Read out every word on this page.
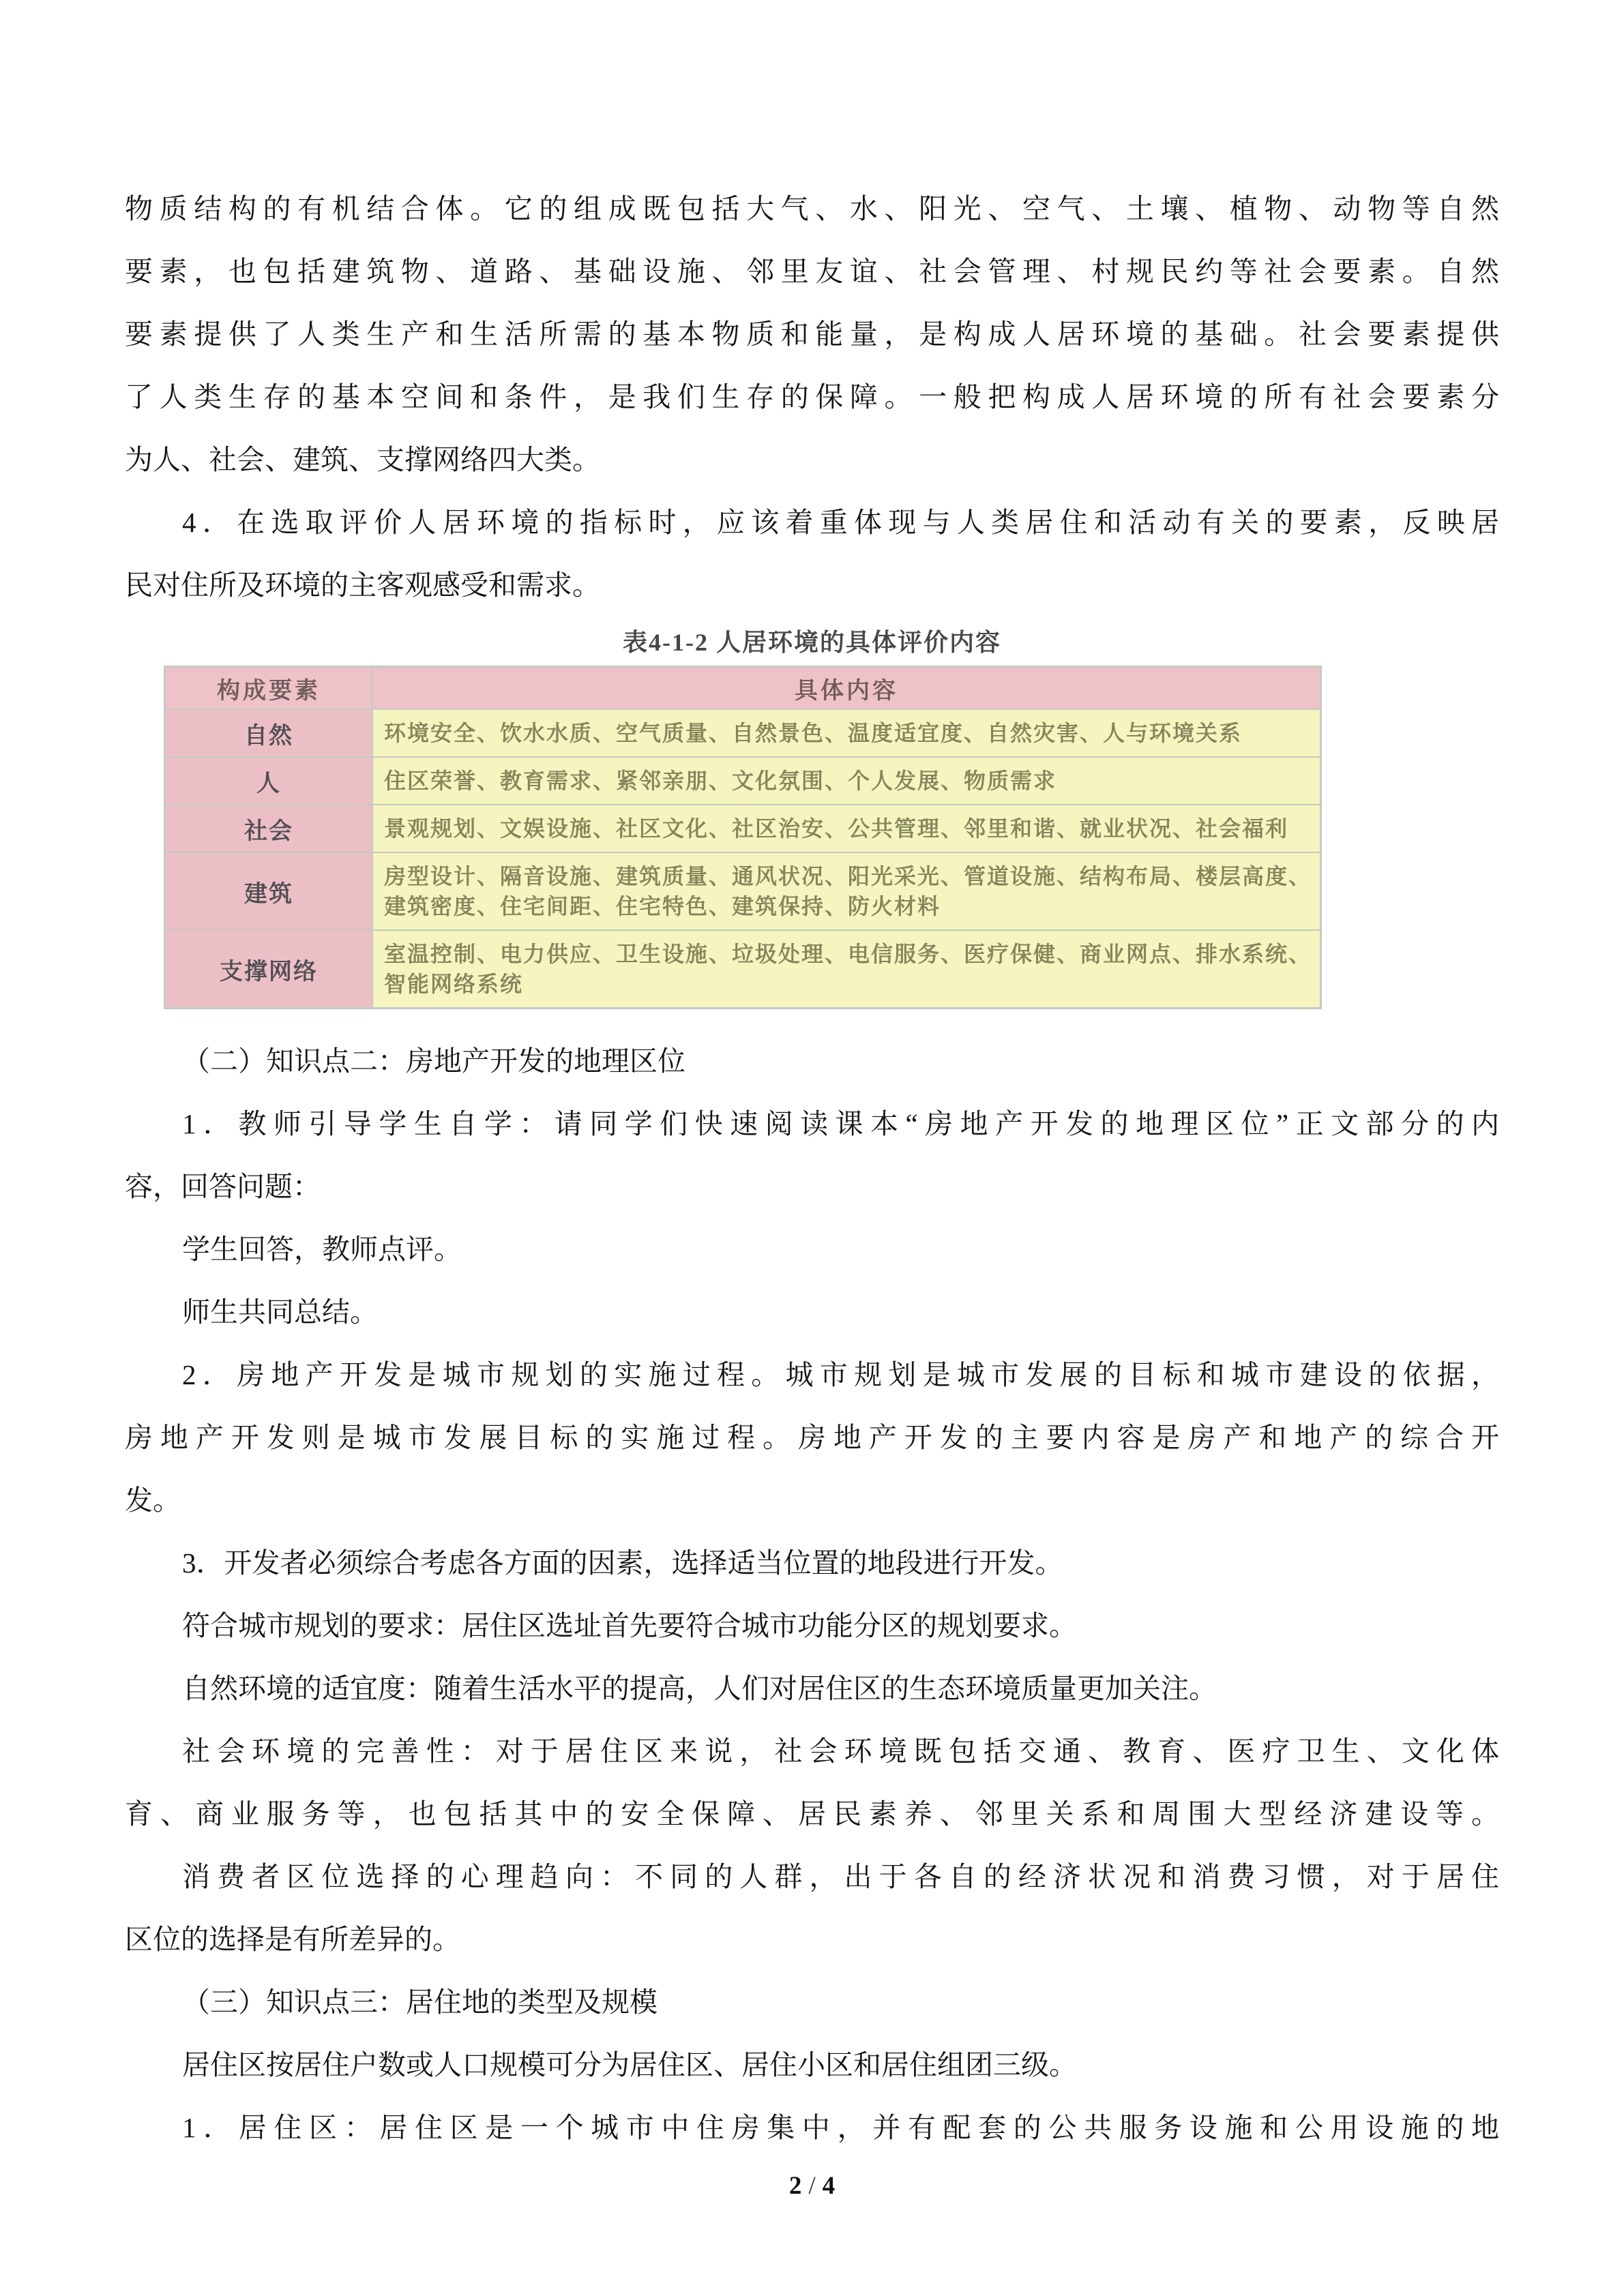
物质结构的有机结合体。它的组成既包括大气、水、阳光、空气、土壤、植物、动物等自然

要素，也包括建筑物、道路、基础设施、邻里友谊、社会管理、村规民约等社会要素。自然

要素提供了人类生产和生活所需的基本物质和能量，是构成人居环境的基础。社会要素提供

了人类生存的基本空间和条件，是我们生存的保障。一般把构成人居环境的所有社会要素分

为人、社会、建筑、支撑网络四大类。

4．在选取评价人居环境的指标时，应该着重体现与人类居住和活动有关的要素，反映居

民对住所及环境的主客观感受和需求。

表4-1-2 人居环境的具体评价内容
构成要素	具体内容
自然	环境安全、饮水水质、空气质量、自然景色、温度适宜度、自然灾害、人与环境关系
人	住区荣誉、教育需求、紧邻亲朋、文化氛围、个人发展、物质需求
社会	景观规划、文娱设施、社区文化、社区治安、公共管理、邻里和谐、就业状况、社会福利
建筑	房型设计、隔音设施、建筑质量、通风状况、阳光采光、管道设施、结构布局、楼层高度、建筑密度、住宅间距、住宅特色、建筑保持、防火材料
支撑网络	室温控制、电力供应、卫生设施、垃圾处理、电信服务、医疗保健、商业网点、排水系统、智能网络系统

（二）知识点二：房地产开发的地理区位

1．教师引导学生自学：请同学们快速阅读课本“房地产开发的地理区位”正文部分的内

容，回答问题：

学生回答，教师点评。

师生共同总结。

2．房地产开发是城市规划的实施过程。城市规划是城市发展的目标和城市建设的依据，

房地产开发则是城市发展目标的实施过程。房地产开发的主要内容是房产和地产的综合开

发。

3．开发者必须综合考虑各方面的因素，选择适当位置的地段进行开发。

符合城市规划的要求：居住区选址首先要符合城市功能分区的规划要求。

自然环境的适宜度：随着生活水平的提高，人们对居住区的生态环境质量更加关注。

社会环境的完善性：对于居住区来说，社会环境既包括交通、教育、医疗卫生、文化体

育、商业服务等，也包括其中的安全保障、居民素养、邻里关系和周围大型经济建设等。

消费者区位选择的心理趋向：不同的人群，出于各自的经济状况和消费习惯，对于居住

区位的选择是有所差异的。

（三）知识点三：居住地的类型及规模

居住区按居住户数或人口规模可分为居住区、居住小区和居住组团三级。

1．居住区：居住区是一个城市中住房集中，并有配套的公共服务设施和公用设施的地

2 / 4
